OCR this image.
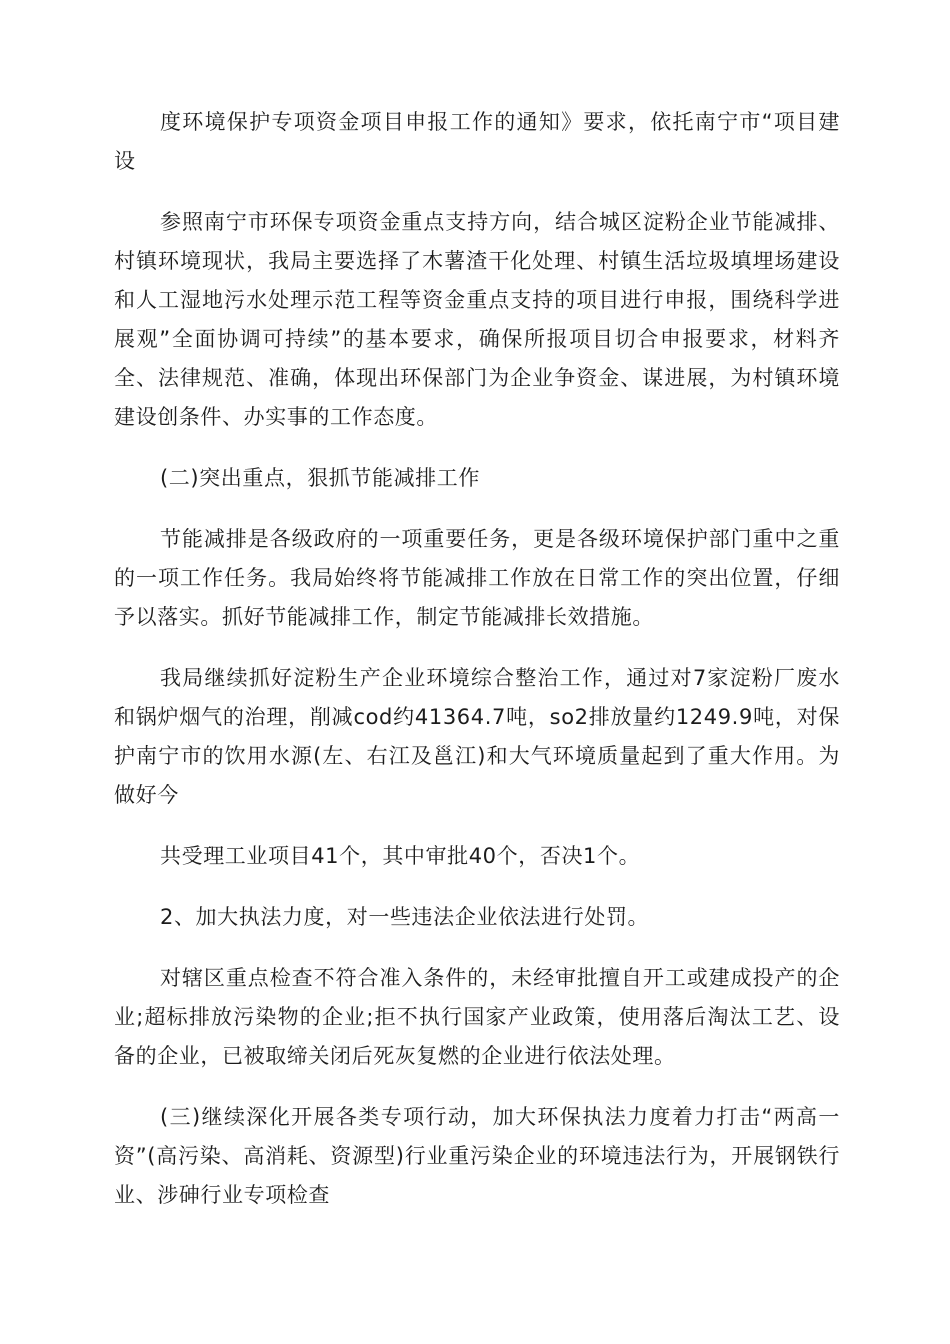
度环境保护专项资金项目申报工作的通知》要求，依托南宁市“项目建设

参照南宁市环保专项资金重点支持方向，结合城区淀粉企业节能减排、村镇环境现状，我局主要选择了木薯渣干化处理、村镇生活垃圾填埋场建设和人工湿地污水处理示范工程等资金重点支持的项目进行申报，围绕科学进展观”全面协调可持续”的基本要求，确保所报项目切合申报要求，材料齐全、法律规范、准确，体现出环保部门为企业争资金、谋进展，为村镇环境建设创条件、办实事的工作态度。

(二)突出重点，狠抓节能减排工作

节能减排是各级政府的一项重要任务，更是各级环境保护部门重中之重的一项工作任务。我局始终将节能减排工作放在日常工作的突出位置，仔细予以落实。抓好节能减排工作，制定节能减排长效措施。

我局继续抓好淀粉生产企业环境综合整治工作，通过对7家淀粉厂废水和锅炉烟气的治理，削减cod约41364.7吨，so2排放量约1249.9吨，对保护南宁市的饮用水源(左、右江及邕江)和大气环境质量起到了重大作用。为做好今

共受理工业项目41个，其中审批40个，否决1个。

2、加大执法力度，对一些违法企业依法进行处罚。

对辖区重点检查不符合准入条件的，未经审批擅自开工或建成投产的企业;超标排放污染物的企业;拒不执行国家产业政策，使用落后淘汰工艺、设备的企业，已被取缔关闭后死灰复燃的企业进行依法处理。

(三)继续深化开展各类专项行动，加大环保执法力度着力打击“两高一资”(高污染、高消耗、资源型)行业重污染企业的环境违法行为，开展钢铁行业、涉砷行业专项检查
